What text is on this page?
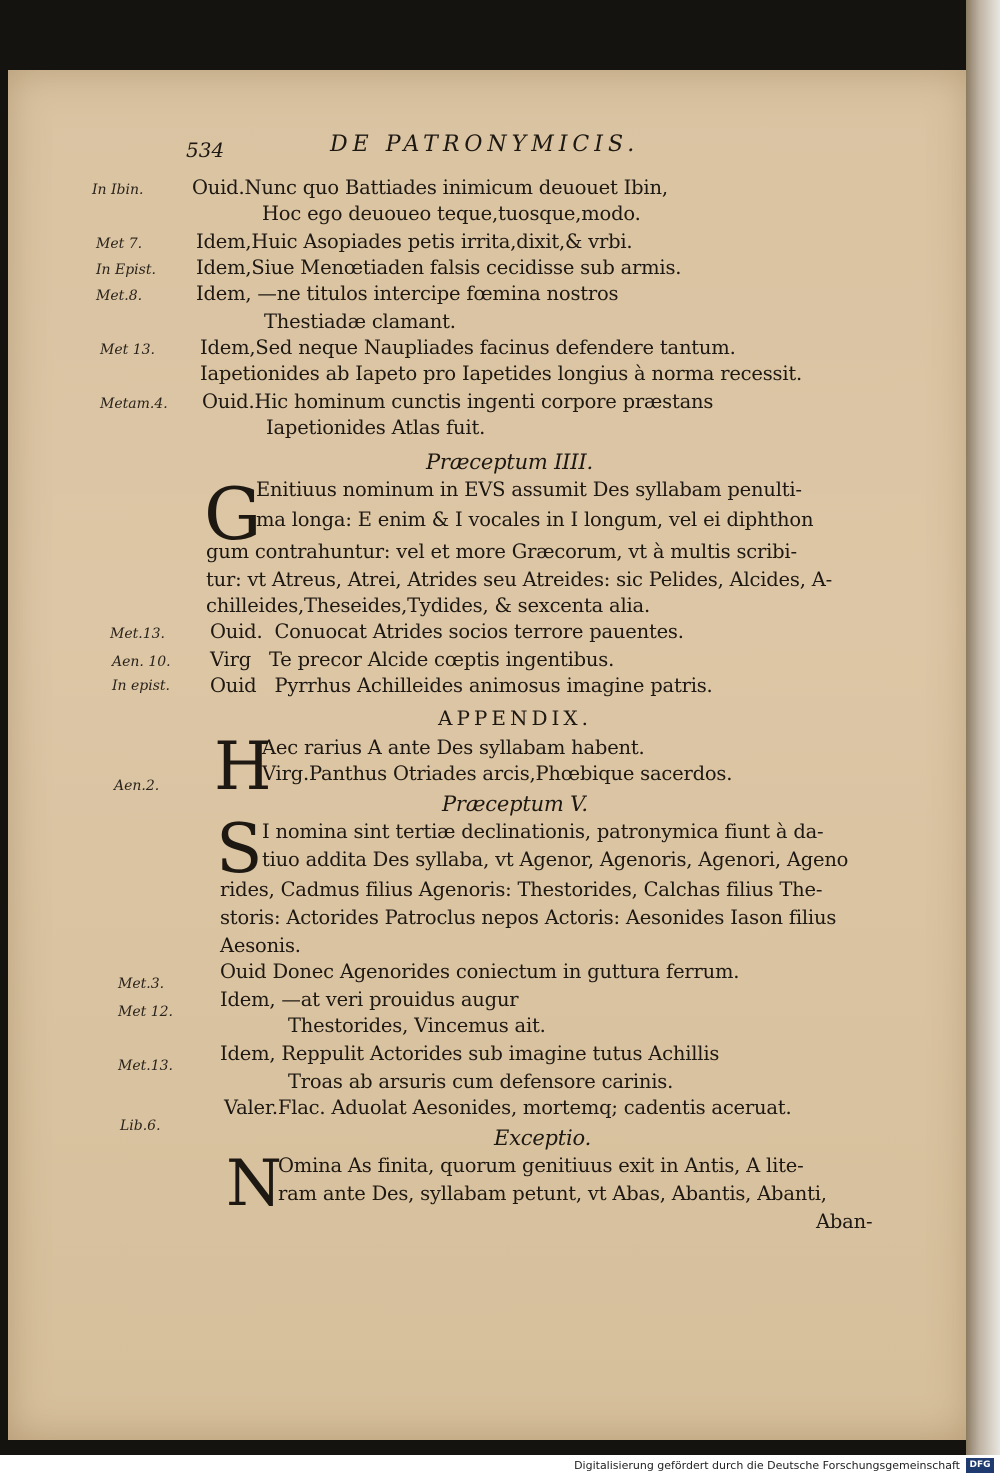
534	DE PATRONYMICIS.
In Ibin.
Met 7.
In Epist.
Met.8.
Met 13.
Metam.4.
Met.13.
Aen. 10.
In epist.
Aen.2.
Met.3.
Met 12.
Met.13.
Lib.6.
Ouid.Nunc quo Battiades inimicum deuouet Ibin,
Hoc ego deuoueo teque,tuosque,modo.
Idem,Huic Asopiades petis irrita,dixit,& vrbi.
Idem,Siue Menœtiaden falsis cecidisse sub armis.
Idem, —ne titulos intercipe fœmina nostros
Thestiadæ clamant.
Idem,Sed neque Naupliades facinus defendere tantum.
Iapetionides ab Iapeto pro Iapetides longius à norma recessit.
Ouid.Hic hominum cunctis ingenti corpore præstans
Iapetionides Atlas fuit.
Præceptum IIII.
G
Enitiuus nominum in EVS assumit Des syllabam penulti-
ma longa: E enim & I vocales in I longum, vel ei diphthon
gum contrahuntur: vel et more Græcorum, vt à multis scribi-
tur: vt Atreus, Atrei, Atrides seu Atreides: sic Pelides, Alcides, A-
chilleides,Theseides,Tydides, & sexcenta alia.
Ouid.  Conuocat Atrides socios terrore pauentes.
Virg   Te precor Alcide cœptis ingentibus.
Ouid   Pyrrhus Achilleides animosus imagine patris.
APPENDIX.
H
Aec rarius A ante Des syllabam habent.
Virg.Panthus Otriades arcis,Phœbique sacerdos.
Præceptum V.
S I nomina sint tertiæ declinationis, patronymica fiunt à da-
tiuo addita Des syllaba, vt Agenor, Agenoris, Agenori, Ageno
rides, Cadmus filius Agenoris: Thestorides, Calchas filius The-
storis: Actorides Patroclus nepos Actoris: Aesonides Iason filius
Aesonis.
Ouid Donec Agenorides coniectum in guttura ferrum.
Idem, —at veri prouidus augur
Thestorides, Vincemus ait.
Idem, Reppulit Actorides sub imagine tutus Achillis
Troas ab arsuris cum defensore carinis.
Valer.Flac. Aduolat Aesonides, mortemq; cadentis aceruat.
Exceptio.
N
Omina As finita, quorum genitiuus exit in Antis, A lite-
ram ante Des, syllabam petunt, vt Abas, Abantis, Abanti,
Aban-
Digitalisierung gefördert durch die Deutsche Forschungsgemeinschaft	DFG
